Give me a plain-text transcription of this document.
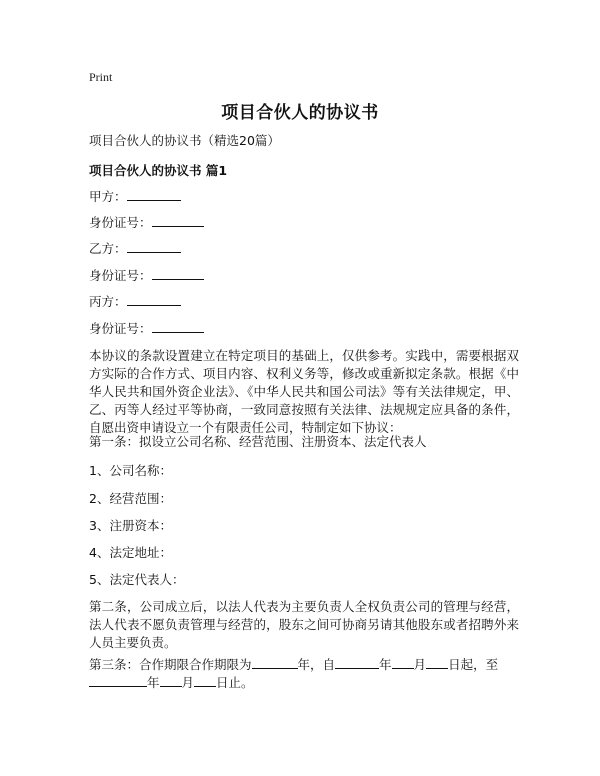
Print
项目合伙人的协议书
项目合伙人的协议书（精选20篇）
项目合伙人的协议书 篇1
甲方：
身份证号：
乙方：
身份证号：
丙方：
身份证号：
本协议的条款设置建立在特定项目的基础上，仅供参考。实践中，需要根据双方实际的合作方式、项目内容、权利义务等，修改或重新拟定条款。根据《中华人民共和国外资企业法》、《中华人民共和国公司法》等有关法律规定，甲、乙、丙等人经过平等协商，一致同意按照有关法律、法规规定应具备的条件，自愿出资申请设立一个有限责任公司，特制定如下协议：
第一条：拟设立公司名称、经营范围、注册资本、法定代表人
1、公司名称：
2、经营范围：
3、注册资本：
4、法定地址：
5、法定代表人：
第二条，公司成立后，以法人代表为主要负责人全权负责公司的管理与经营，法人代表不愿负责管理与经营的，股东之间可协商另请其他股东或者招聘外来人员主要负责。
第三条：合作期限合作期限为	年，自	年 月 日起，至
年 月 日止。
